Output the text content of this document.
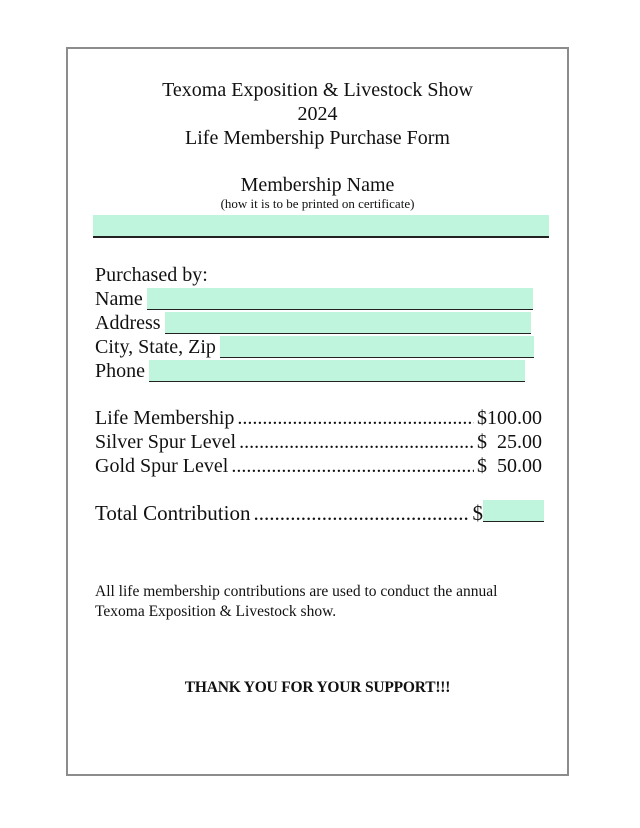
Texoma Exposition & Livestock Show
2024
Life Membership Purchase Form
Membership Name
(how it is to be printed on certificate)
Purchased by:
Name
Address
City, State, Zip
Phone
Life Membership .....	$100.00
Silver Spur Level .....	$  25.00
Gold Spur Level .....	$  50.00
Total Contribution .....	$
All life membership contributions are used to conduct the annual
Texoma Exposition & Livestock show.
THANK YOU FOR YOUR SUPPORT!!!
